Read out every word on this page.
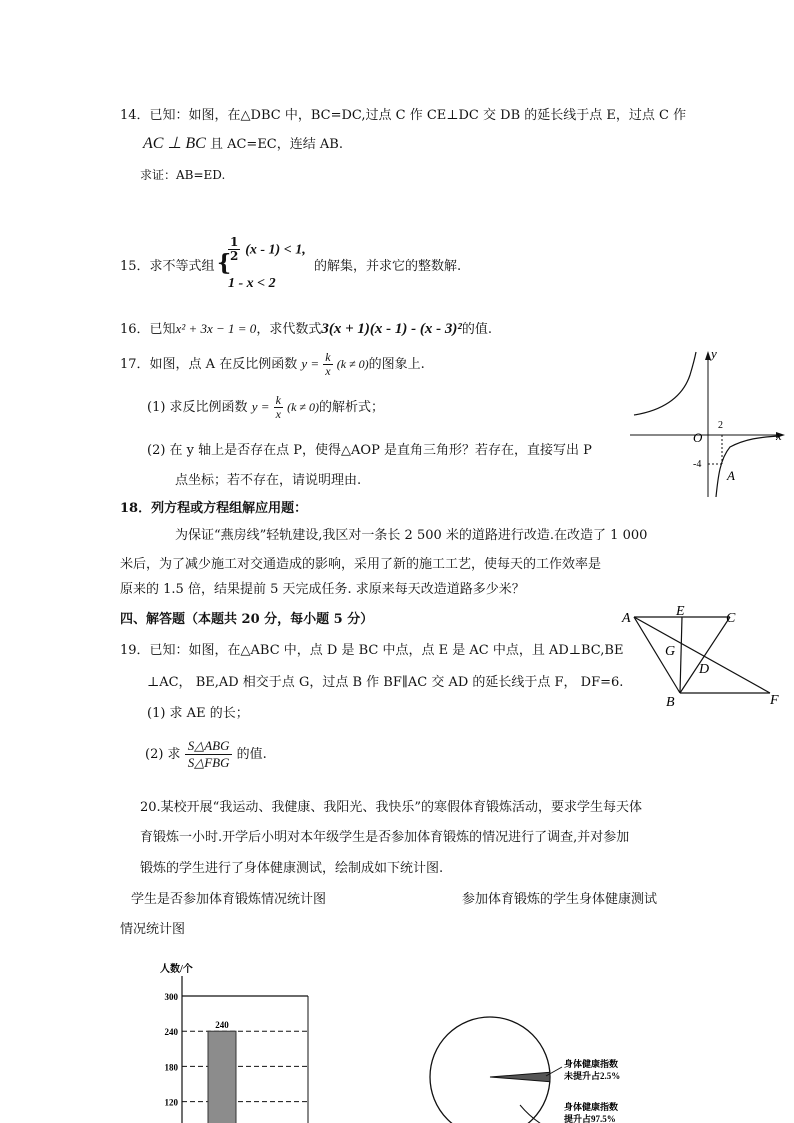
14．已知：如图，在△DBC 中，BC=DC,过点 C 作 CE⊥DC 交 DB 的延长线于点 E，过点 C 作
AC ⊥ BC 且 AC=EC，连结 AB.
求证：AB=ED.
15．求不等式组 {
$\frac{1}{2} (x - 1) < 1$,
1 - x < 2
的解集，并求它的整数解.
16．已知x² + 3x − 1 = 0，求代数式3(x + 1)(x - 1) - (x - 3)²的值.
17．如图，点 A 在反比例函数 $y = \frac{k}{x} (k \ne 0)$的图象上.
(1) 求反比例函数 $y = \frac{k}{x} (k \ne 0)$的解析式；
(2) 在 y 轴上是否存在点 P，使得△AOP 是直角三角形？若存在，直接写出 P
点坐标；若不存在，请说明理由.
y
x
O
2
-4
A
18．列方程或方程组解应用题：
为保证“燕房线”轻轨建设,我区对一条长 2 500 米的道路进行改造.在改造了 1 000
米后，为了减少施工对交通造成的影响，采用了新的施工工艺，使每天的工作效率是
原来的 1.5 倍，结果提前 5 天完成任务. 求原来每天改造道路多少米？
四、解答题（本题共 20 分，每小题 5 分）
19．已知：如图，在△ABC 中，点 D 是 BC 中点，点 E 是 AC 中点，且 AD⊥BC,BE
⊥AC， BE,AD 相交于点 G，过点 B 作 BF∥AC 交 AD 的延长线于点 F， DF=6.
(1) 求 AE 的长；
(2) 求 $\frac{\text{S△ABG}}{\text{S△FBG}}$ 的值.
A	E	C
G
D
B	F
20.某校开展“我运动、我健康、我阳光、我快乐”的寒假体育锻炼活动，要求学生每天体
育锻炼一小时.开学后小明对本年级学生是否参加体育锻炼的情况进行了调查,并对参加
锻炼的学生进行了身体健康测试，绘制成如下统计图.
学生是否参加体育锻炼情况统计图	参加体育锻炼的学生身体健康测试
情况统计图
人数/个
120
180
240
300
240
身体健康指数
未提升占2.5%
身体健康指数
提升占97.5%
